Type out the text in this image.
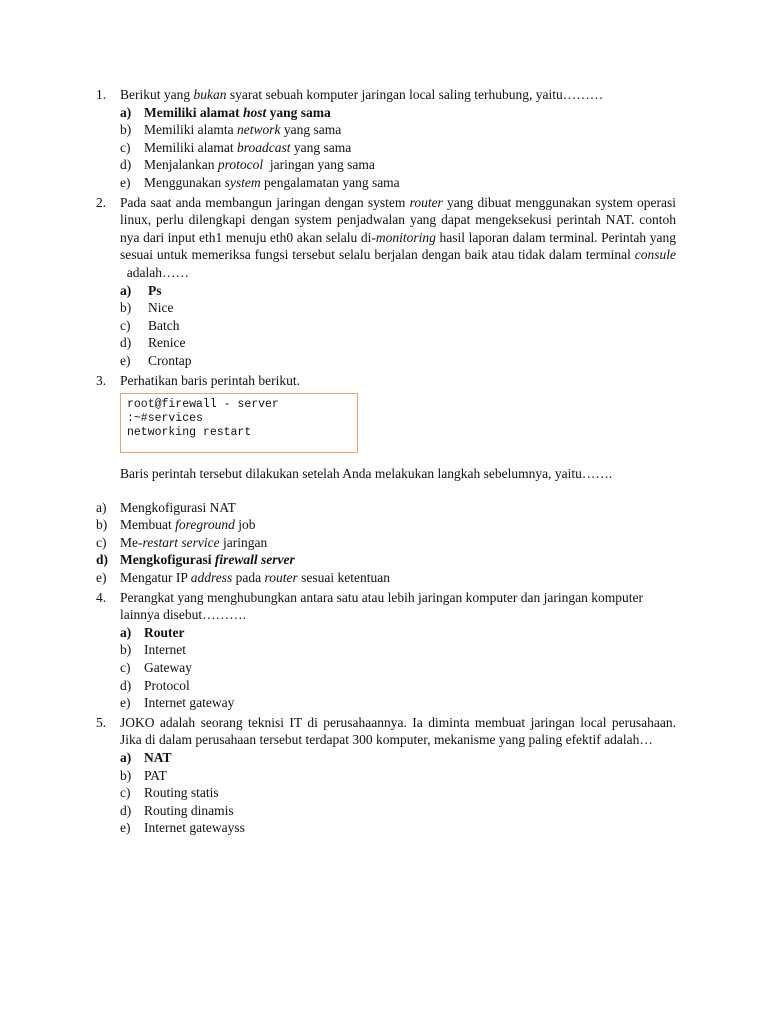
1. Berikut yang bukan syarat sebuah komputer jaringan local saling terhubung, yaitu………
a) Memiliki alamat host yang sama
b) Memiliki alamta network yang sama
c) Memiliki alamat broadcast yang sama
d) Menjalankan protocol  jaringan yang sama
e) Menggunakan system pengalamatan yang sama
2. Pada saat anda membangun jaringan dengan system router yang dibuat menggunakan system operasi linux, perlu dilengkapi dengan system penjadwalan yang dapat mengeksekusi perintah NAT. contoh nya dari input eth1 menuju eth0 akan selalu di-monitoring hasil laporan dalam terminal. Perintah yang sesuai untuk memeriksa fungsi tersebut selalu berjalan dengan baik atau tidak dalam terminal consule  adalah……
a) Ps
b) Nice
c) Batch
d) Renice
e) Crontap
3. Perhatikan baris perintah berikut.
root@firewall - server :~#services
networking restart
Baris perintah tersebut dilakukan setelah Anda melakukan langkah sebelumnya, yaitu…….
a) Mengkofigurasi NAT
b) Membuat foreground job
c) Me-restart service jaringan
d) Mengkofigurasi firewall server
e) Mengatur IP address pada router sesuai ketentuan
4. Perangkat yang menghubungkan antara satu atau lebih jaringan komputer dan jaringan komputer lainnya disebut……….
a) Router
b) Internet
c) Gateway
d) Protocol
e) Internet gateway
5. JOKO adalah seorang teknisi IT di perusahaannya. Ia diminta membuat jaringan local perusahaan. Jika di dalam perusahaan tersebut terdapat 300 komputer, mekanisme yang paling efektif adalah…
a) NAT
b) PAT
c) Routing statis
d) Routing dinamis
e) Internet gatewayss
